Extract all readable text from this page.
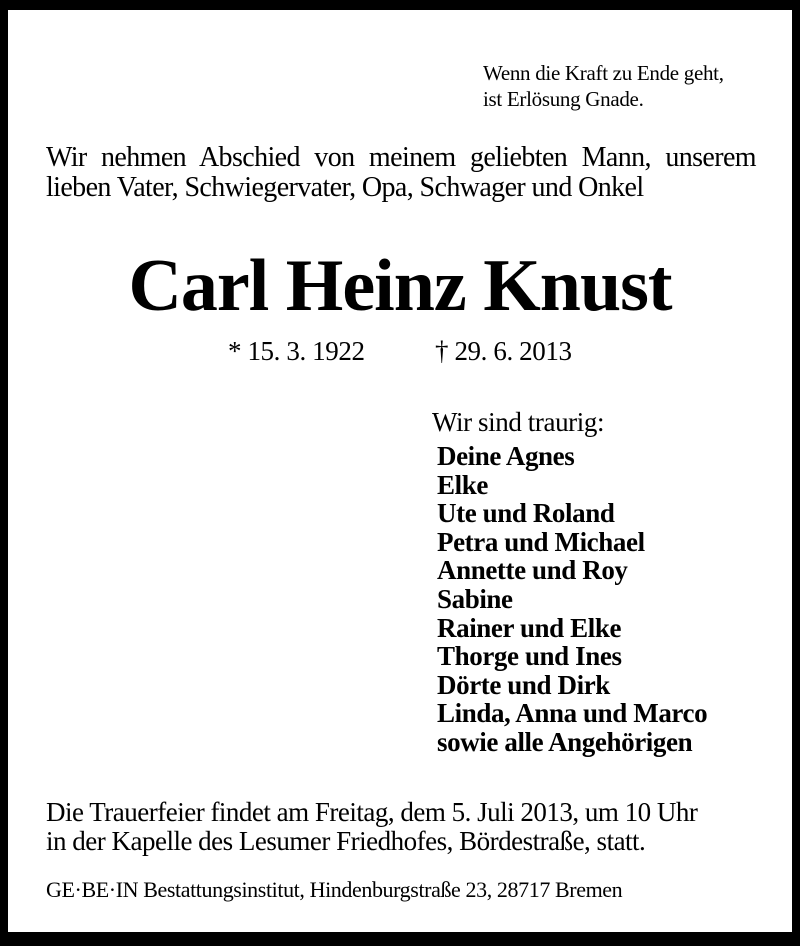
Wenn die Kraft zu Ende geht,
ist Erlösung Gnade.
Wir nehmen Abschied von meinem geliebten Mann, unserem
lieben Vater, Schwiegervater, Opa, Schwager und Onkel
Carl Heinz Knust
* 15. 3. 1922	† 29. 6. 2013
Wir sind traurig:
Deine Agnes
Elke
Ute und Roland
Petra und Michael
Annette und Roy
Sabine
Rainer und Elke
Thorge und Ines
Dörte und Dirk
Linda, Anna und Marco
sowie alle Angehörigen
Die Trauerfeier findet am Freitag, dem 5. Juli 2013, um 10 Uhr
in der Kapelle des Lesumer Friedhofes, Bördestraße, statt.
GE·BE·IN Bestattungsinstitut, Hindenburgstraße 23, 28717 Bremen
